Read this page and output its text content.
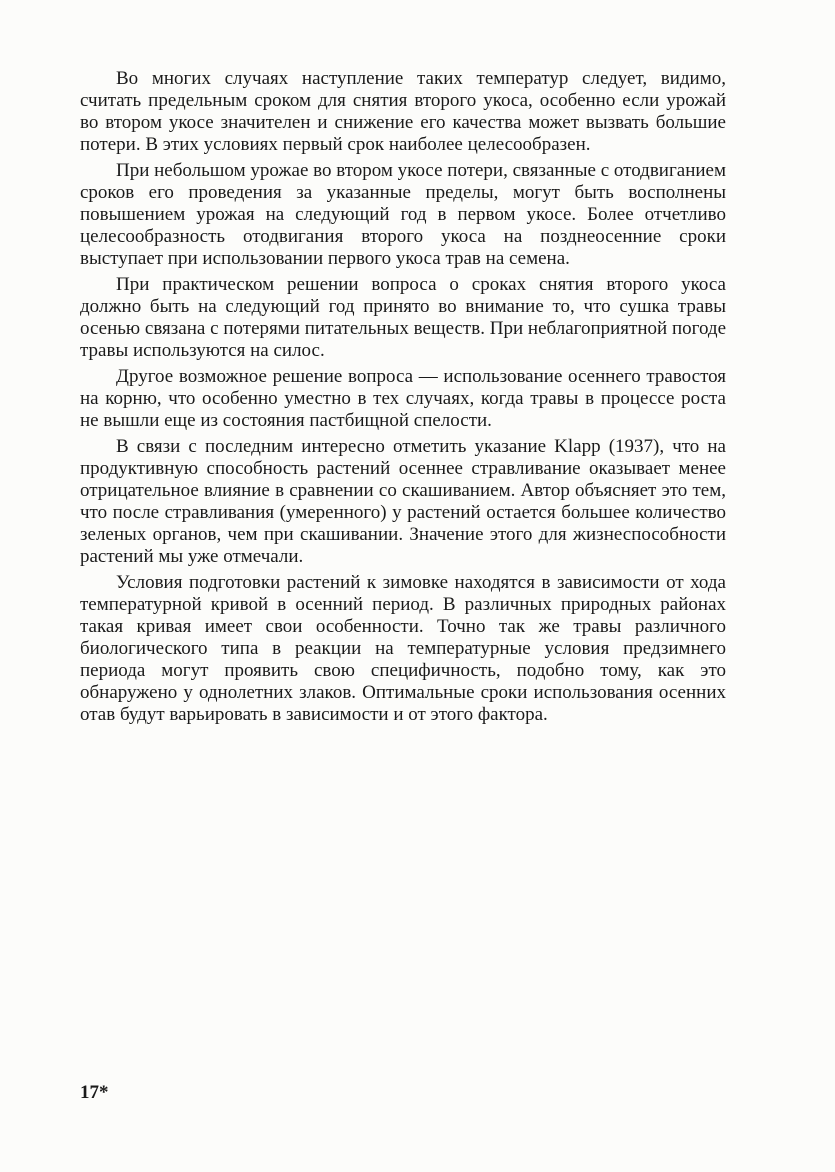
Во многих случаях наступление таких температур следует, видимо, считать предельным сроком для снятия второго укоса, особенно если урожай во втором укосе значителен и снижение его качества может вызвать большие потери. В этих условиях первый срок наиболее целесообразен.

При небольшом урожае во втором укосе потери, связанные с отодвиганием сроков его проведения за указанные пределы, могут быть восполнены повышением урожая на следующий год в первом укосе. Более отчетливо целесообразность отодвигания второго укоса на позднеосенние сроки выступает при использовании первого укоса трав на семена.

При практическом решении вопроса о сроках снятия второго укоса должно быть на следующий год принято во внимание то, что сушка травы осенью связана с потерями питательных веществ. При неблагоприятной погоде травы используются на силос.

Другое возможное решение вопроса — использование осеннего травостоя на корню, что особенно уместно в тех случаях, когда травы в процессе роста не вышли еще из состояния пастбищной спелости.

В связи с последним интересно отметить указание Klapp (1937), что на продуктивную способность растений осеннее стравливание оказывает менее отрицательное влияние в сравнении со скашиванием. Автор объясняет это тем, что после стравливания (умеренного) у растений остается большее количество зеленых органов, чем при скашивании. Значение этого для жизнеспособности растений мы уже отмечали.

Условия подготовки растений к зимовке находятся в зависимости от хода температурной кривой в осенний период. В различных природных районах такая кривая имеет свои особенности. Точно так же травы различного биологического типа в реакции на температурные условия предзимнего периода могут проявить свою специфичность, подобно тому, как это обнаружено у однолетних злаков. Оптимальные сроки использования осенних отав будут варьировать в зависимости и от этого фактора.

17*
